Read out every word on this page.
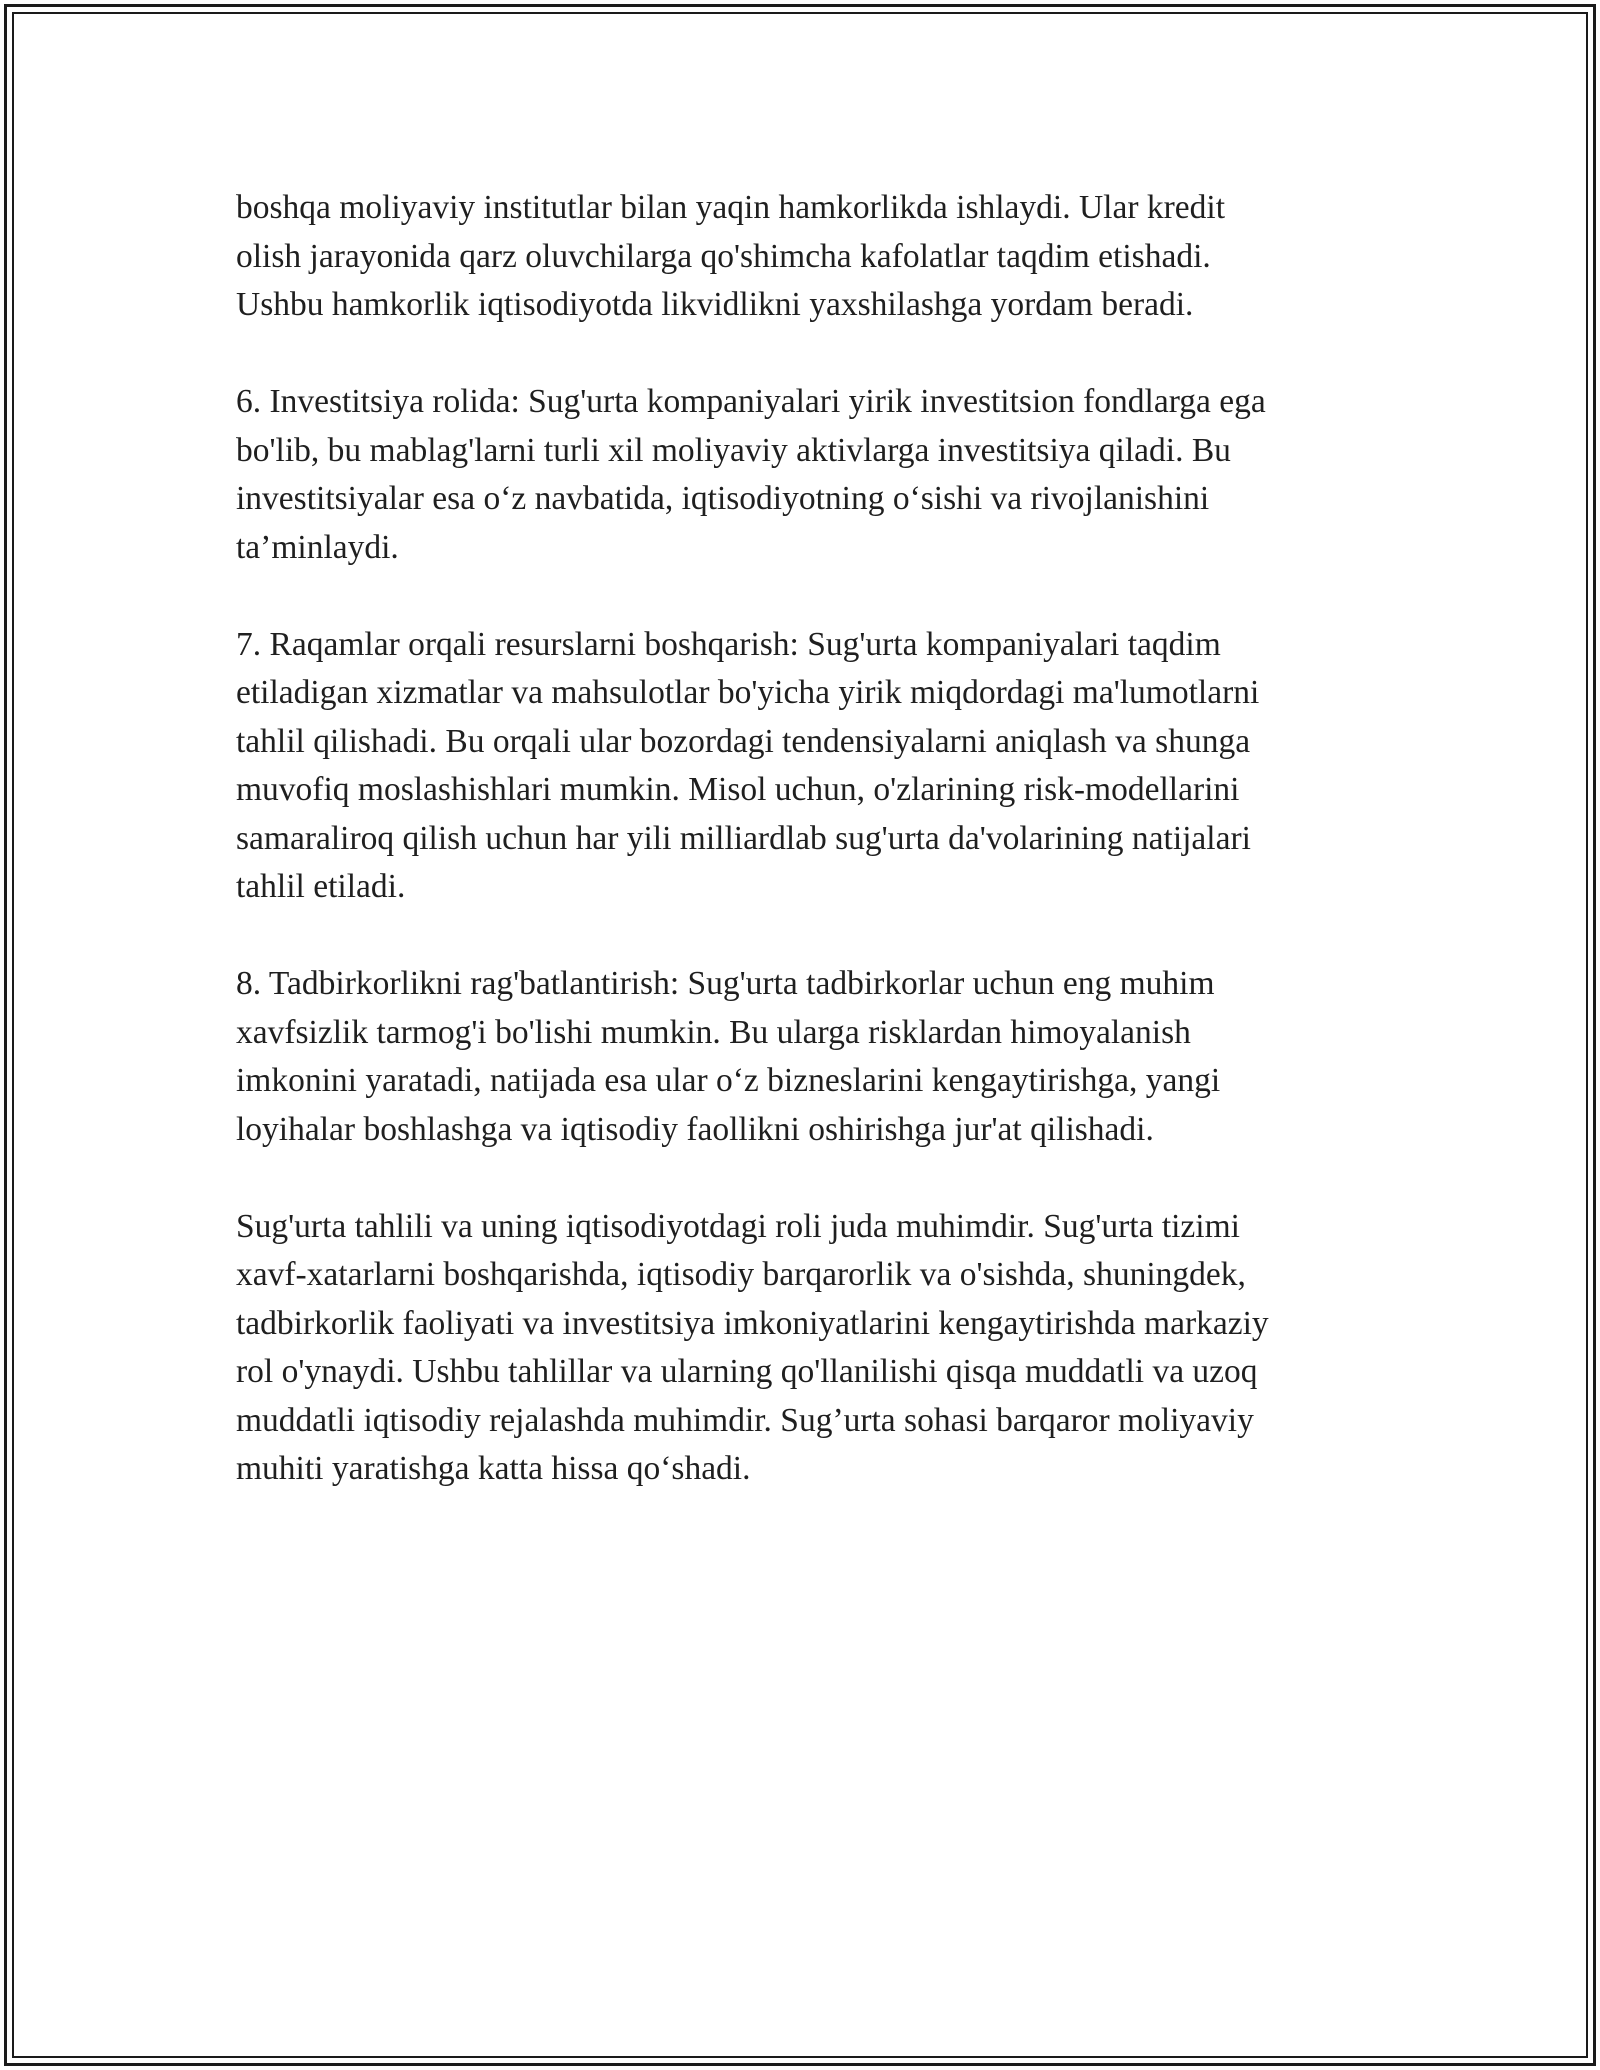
boshqa moliyaviy institutlar bilan yaqin hamkorlikda ishlaydi. Ular kredit
olish jarayonida qarz oluvchilarga qo'shimcha kafolatlar taqdim etishadi.
Ushbu hamkorlik iqtisodiyotda likvidlikni yaxshilashga yordam beradi.

6. Investitsiya rolida: Sug'urta kompaniyalari yirik investitsion fondlarga ega
bo'lib, bu mablag'larni turli xil moliyaviy aktivlarga investitsiya qiladi. Bu
investitsiyalar esa o‘z navbatida, iqtisodiyotning o‘sishi va rivojlanishini
ta’minlaydi.

7. Raqamlar orqali resurslarni boshqarish: Sug'urta kompaniyalari taqdim
etiladigan xizmatlar va mahsulotlar bo'yicha yirik miqdordagi ma'lumotlarni
tahlil qilishadi. Bu orqali ular bozordagi tendensiyalarni aniqlash va shunga
muvofiq moslashishlari mumkin. Misol uchun, o'zlarining risk-modellarini
samaraliroq qilish uchun har yili milliardlab sug'urta da'volarining natijalari
tahlil etiladi.

8. Tadbirkorlikni rag'batlantirish: Sug'urta tadbirkorlar uchun eng muhim
xavfsizlik tarmog'i bo'lishi mumkin. Bu ularga risklardan himoyalanish
imkonini yaratadi, natijada esa ular o‘z bizneslarini kengaytirishga, yangi
loyihalar boshlashga va iqtisodiy faollikni oshirishga jur'at qilishadi.

Sug'urta tahlili va uning iqtisodiyotdagi roli juda muhimdir. Sug'urta tizimi
xavf-xatarlarni boshqarishda, iqtisodiy barqarorlik va o'sishda, shuningdek,
tadbirkorlik faoliyati va investitsiya imkoniyatlarini kengaytirishda markaziy
rol o'ynaydi. Ushbu tahlillar va ularning qo'llanilishi qisqa muddatli va uzoq
muddatli iqtisodiy rejalashda muhimdir. Sug’urta sohasi barqaror moliyaviy
muhiti yaratishga katta hissa qo‘shadi.
